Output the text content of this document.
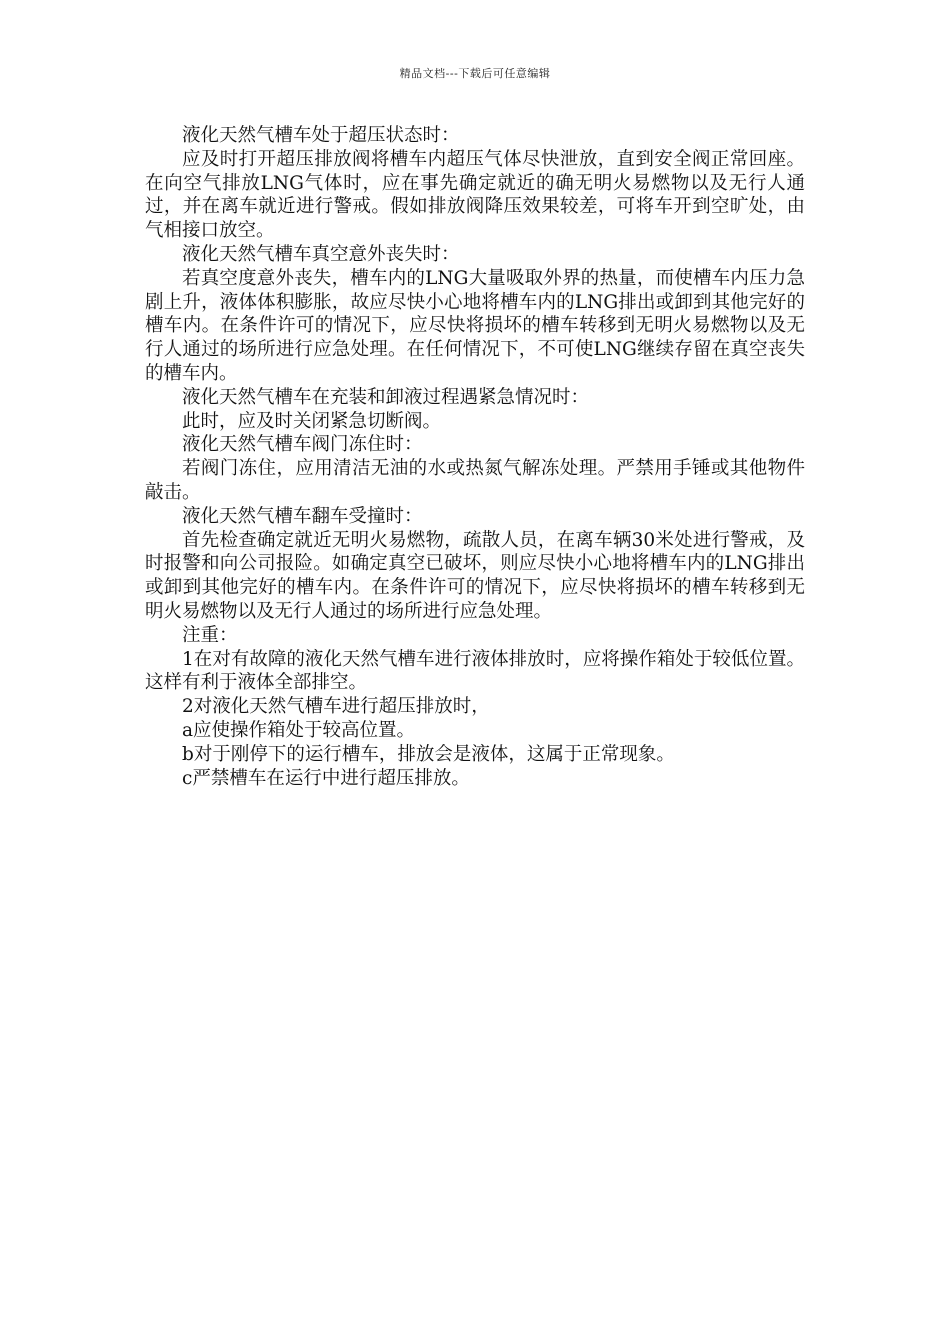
精品文档---下载后可任意编辑

液化天然气槽车处于超压状态时：

应及时打开超压排放阀将槽车内超压气体尽快泄放，直到安全阀正常回座。在向空气排放LNG气体时，应在事先确定就近的确无明火易燃物以及无行人通过，并在离车就近进行警戒。假如排放阀降压效果较差，可将车开到空旷处，由气相接口放空。

液化天然气槽车真空意外丧失时：

若真空度意外丧失，槽车内的LNG大量吸取外界的热量，而使槽车内压力急剧上升，液体体积膨胀，故应尽快小心地将槽车内的LNG排出或卸到其他完好的槽车内。在条件许可的情况下，应尽快将损坏的槽车转移到无明火易燃物以及无行人通过的场所进行应急处理。在任何情况下，不可使LNG继续存留在真空丧失的槽车内。

液化天然气槽车在充装和卸液过程遇紧急情况时：

此时，应及时关闭紧急切断阀。

液化天然气槽车阀门冻住时：

若阀门冻住，应用清洁无油的水或热氮气解冻处理。严禁用手锤或其他物件敲击。

液化天然气槽车翻车受撞时：

首先检查确定就近无明火易燃物，疏散人员，在离车辆30米处进行警戒，及时报警和向公司报险。如确定真空已破坏，则应尽快小心地将槽车内的LNG排出或卸到其他完好的槽车内。在条件许可的情况下，应尽快将损坏的槽车转移到无明火易燃物以及无行人通过的场所进行应急处理。

注重：

1在对有故障的液化天然气槽车进行液体排放时，应将操作箱处于较低位置。这样有利于液体全部排空。

2对液化天然气槽车进行超压排放时，

a应使操作箱处于较高位置。

b对于刚停下的运行槽车，排放会是液体，这属于正常现象。

c严禁槽车在运行中进行超压排放。
